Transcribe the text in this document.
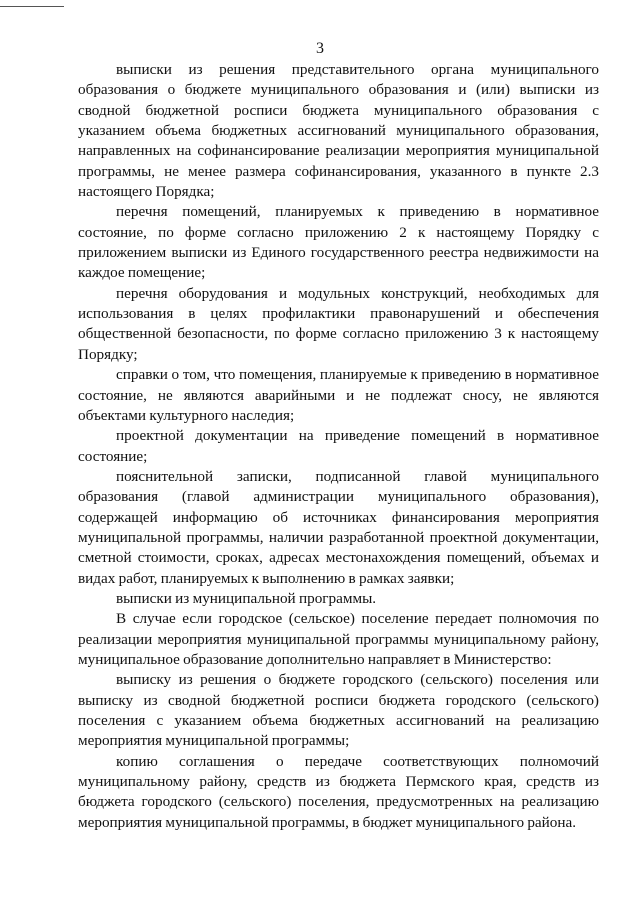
3

выписки из решения представительного органа муниципального образования о бюджете муниципального образования и (или) выписки из сводной бюджетной росписи бюджета муниципального образования с указанием объема бюджетных ассигнований муниципального образования, направленных на софинансирование реализации мероприятия муниципальной программы, не менее размера софинансирования, указанного в пункте 2.3 настоящего Порядка;

перечня помещений, планируемых к приведению в нормативное состояние, по форме согласно приложению 2 к настоящему Порядку с приложением выписки из Единого государственного реестра недвижимости на каждое помещение;

перечня оборудования и модульных конструкций, необходимых для использования в целях профилактики правонарушений и обеспечения общественной безопасности, по форме согласно приложению 3 к настоящему Порядку;

справки о том, что помещения, планируемые к приведению в нормативное состояние, не являются аварийными и не подлежат сносу, не являются объектами культурного наследия;

проектной документации на приведение помещений в нормативное состояние;

пояснительной записки, подписанной главой муниципального образования (главой администрации муниципального образования), содержащей информацию об источниках финансирования мероприятия муниципальной программы, наличии разработанной проектной документации, сметной стоимости, сроках, адресах местонахождения помещений, объемах и видах работ, планируемых к выполнению в рамках заявки;

выписки из муниципальной программы.

В случае если городское (сельское) поселение передает полномочия по реализации мероприятия муниципальной программы муниципальному району, муниципальное образование дополнительно направляет в Министерство:

выписку из решения о бюджете городского (сельского) поселения или выписку из сводной бюджетной росписи бюджета городского (сельского) поселения с указанием объема бюджетных ассигнований на реализацию мероприятия муниципальной программы;

копию соглашения о передаче соответствующих полномочий муниципальному району, средств из бюджета Пермского края, средств из бюджета городского (сельского) поселения, предусмотренных на реализацию мероприятия муниципальной программы, в бюджет муниципального района.
